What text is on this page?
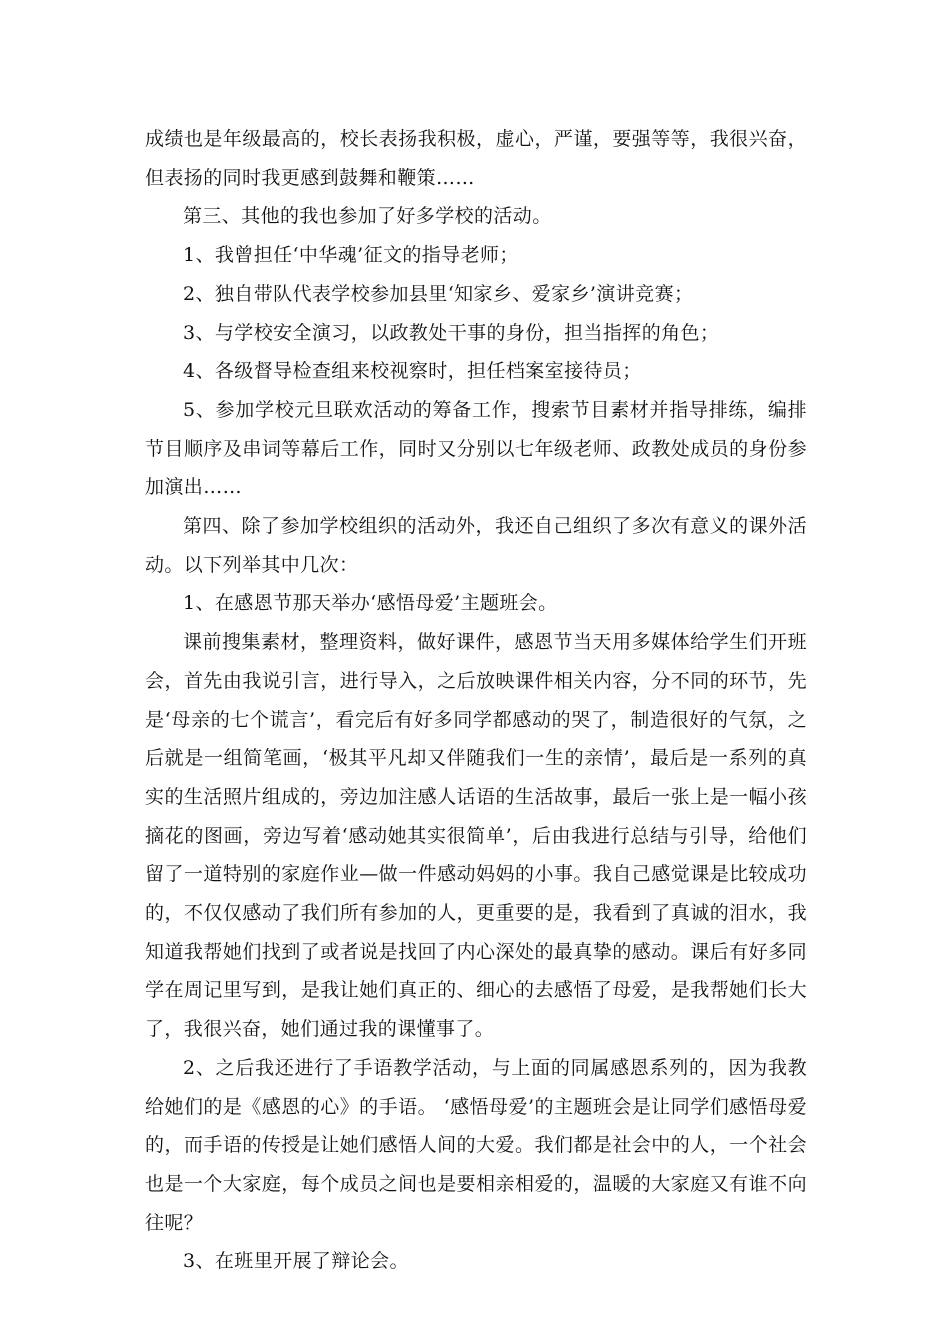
成绩也是年级最高的，校长表扬我积极，虚心，严谨，要强等等，我很兴奋，但表扬的同时我更感到鼓舞和鞭策……

第三、其他的我也参加了好多学校的活动。

1、我曾担任‘中华魂’征文的指导老师；

2、独自带队代表学校参加县里‘知家乡、爱家乡’演讲竞赛；

3、与学校安全演习，以政教处干事的身份，担当指挥的角色；

4、各级督导检查组来校视察时，担任档案室接待员；

5、参加学校元旦联欢活动的筹备工作，搜索节目素材并指导排练，编排节目顺序及串词等幕后工作，同时又分别以七年级老师、政教处成员的身份参加演出……

第四、除了参加学校组织的活动外，我还自己组织了多次有意义的课外活动。以下列举其中几次：

1、在感恩节那天举办‘感悟母爱’主题班会。

课前搜集素材，整理资料，做好课件，感恩节当天用多媒体给学生们开班会，首先由我说引言，进行导入，之后放映课件相关内容，分不同的环节，先是‘母亲的七个谎言’，看完后有好多同学都感动的哭了，制造很好的气氛，之后就是一组简笔画，‘极其平凡却又伴随我们一生的亲情’，最后是一系列的真实的生活照片组成的，旁边加注感人话语的生活故事，最后一张上是一幅小孩摘花的图画，旁边写着‘感动她其实很简单’，后由我进行总结与引导，给他们留了一道特别的家庭作业—做一件感动妈妈的小事。我自己感觉课是比较成功的，不仅仅感动了我们所有参加的人，更重要的是，我看到了真诚的泪水，我知道我帮她们找到了或者说是找回了内心深处的最真挚的感动。课后有好多同学在周记里写到，是我让她们真正的、细心的去感悟了母爱，是我帮她们长大了，我很兴奋，她们通过我的课懂事了。

2、之后我还进行了手语教学活动，与上面的同属感恩系列的，因为我教给她们的是《感恩的心》的手语。 ‘感悟母爱’的主题班会是让同学们感悟母爱的，而手语的传授是让她们感悟人间的大爱。我们都是社会中的人，一个社会也是一个大家庭，每个成员之间也是要相亲相爱的，温暖的大家庭又有谁不向往呢？

3、在班里开展了辩论会。
